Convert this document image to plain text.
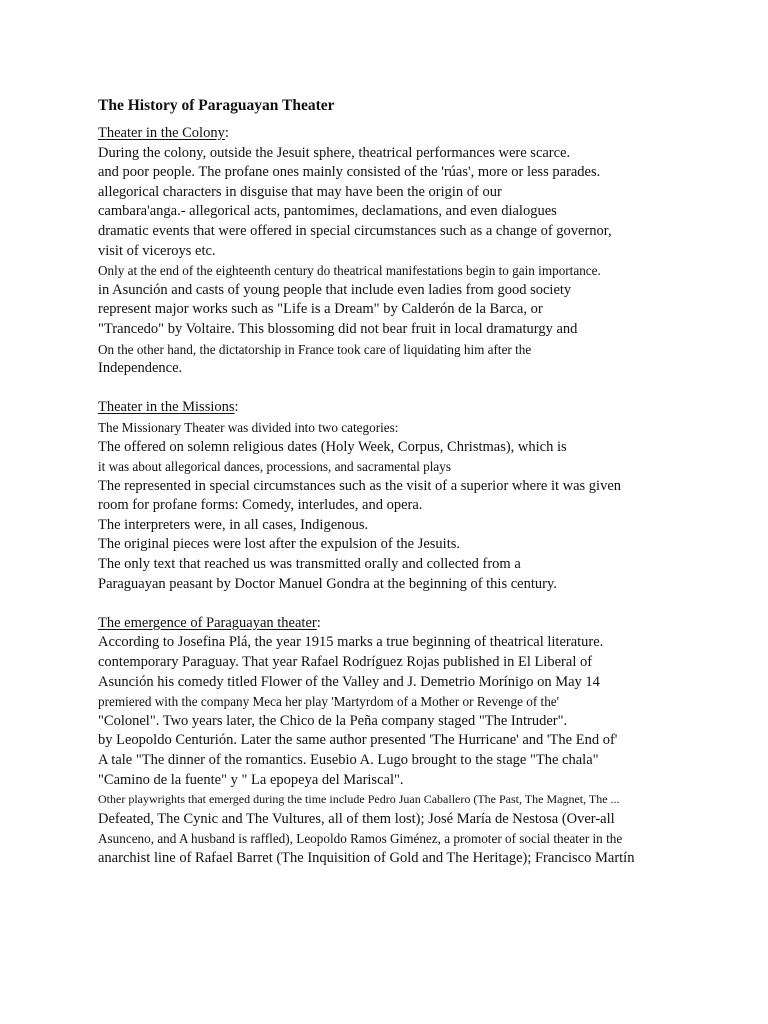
The History of Paraguayan Theater
Theater in the Colony:
During the colony, outside the Jesuit sphere, theatrical performances were scarce.
and poor people. The profane ones mainly consisted of the 'rúas', more or less parades.
allegorical characters in disguise that may have been the origin of our
cambara'anga.- allegorical acts, pantomimes, declamations, and even dialogues
dramatic events that were offered in special circumstances such as a change of governor,
visit of viceroys etc.
Only at the end of the eighteenth century do theatrical manifestations begin to gain importance.
in Asunción and casts of young people that include even ladies from good society
represent major works such as "Life is a Dream" by Calderón de la Barca, or
"Trancedo" by Voltaire. This blossoming did not bear fruit in local dramaturgy and
On the other hand, the dictatorship in France took care of liquidating him after the
Independence.
Theater in the Missions:
The Missionary Theater was divided into two categories:
The offered on solemn religious dates (Holy Week, Corpus, Christmas), which is
it was about allegorical dances, processions, and sacramental plays
The represented in special circumstances such as the visit of a superior where it was given
room for profane forms: Comedy, interludes, and opera.
The interpreters were, in all cases, Indigenous.
The original pieces were lost after the expulsion of the Jesuits.
The only text that reached us was transmitted orally and collected from a
Paraguayan peasant by Doctor Manuel Gondra at the beginning of this century.
The emergence of Paraguayan theater:
According to Josefina Plá, the year 1915 marks a true beginning of theatrical literature.
contemporary Paraguay. That year Rafael Rodríguez Rojas published in El Liberal of
Asunción his comedy titled Flower of the Valley and J. Demetrio Morínigo on May 14
premiered with the company Meca her play 'Martyrdom of a Mother or Revenge of the'
"Colonel". Two years later, the Chico de la Peña company staged "The Intruder".
by Leopoldo Centurión. Later the same author presented 'The Hurricane' and 'The End of'
A tale "The dinner of the romantics. Eusebio A. Lugo brought to the stage "The chala"
"Camino de la fuente" y " La epopeya del Mariscal".
Other playwrights that emerged during the time include Pedro Juan Caballero (The Past, The Magnet, The ...
Defeated, The Cynic and The Vultures, all of them lost); José María de Nestosa (Over-all
Asunceno, and A husband is raffled), Leopoldo Ramos Giménez, a promoter of social theater in the
anarchist line of Rafael Barret (The Inquisition of Gold and The Heritage); Francisco Martín
